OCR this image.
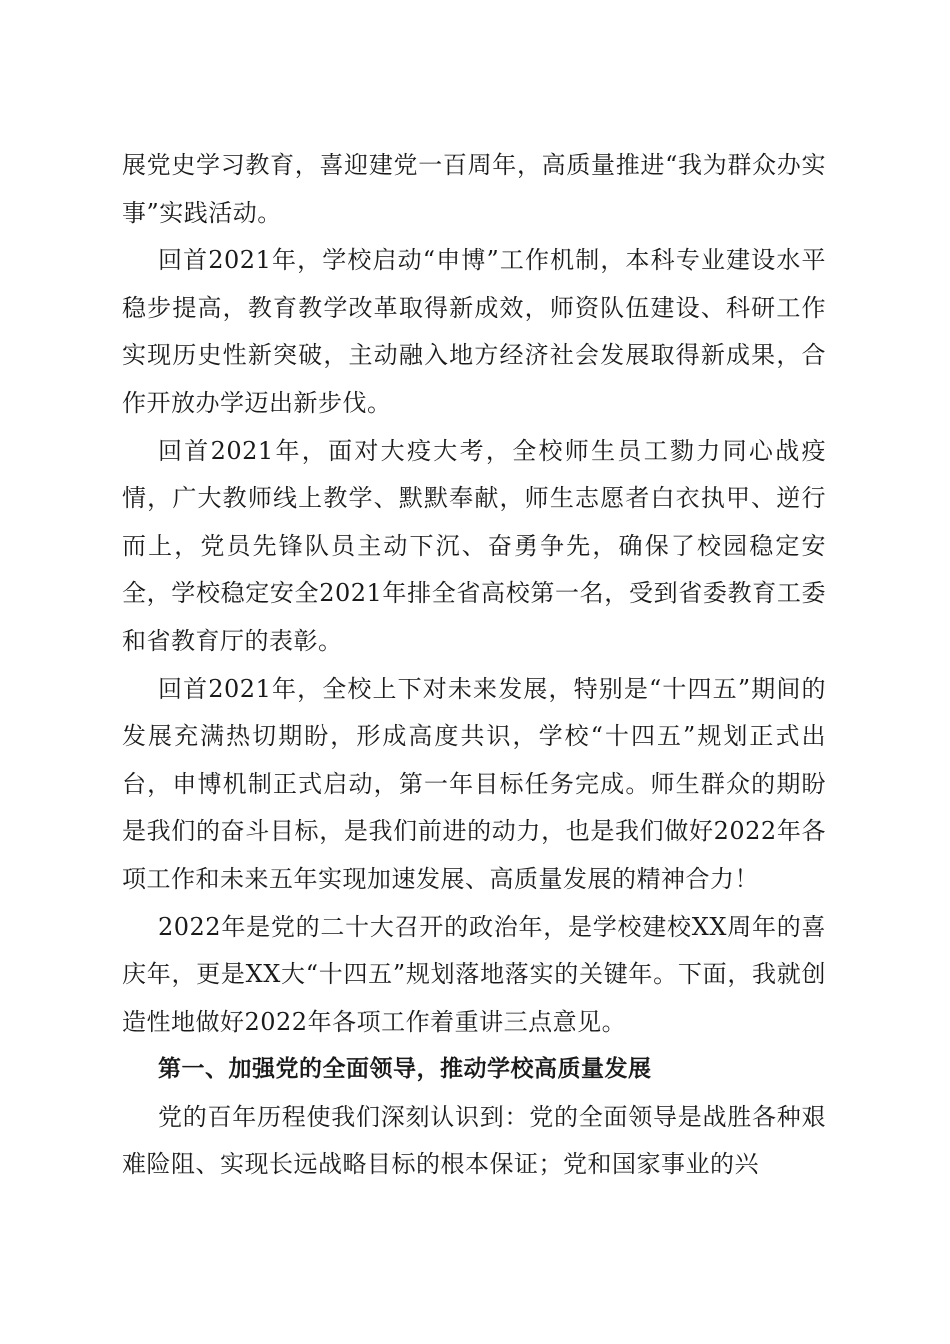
展党史学习教育，喜迎建党一百周年，高质量推进“我为群众办实事”实践活动。

回首2021年，学校启动“申博”工作机制，本科专业建设水平稳步提高，教育教学改革取得新成效，师资队伍建设、科研工作实现历史性新突破，主动融入地方经济社会发展取得新成果，合作开放办学迈出新步伐。

回首2021年，面对大疫大考，全校师生员工勠力同心战疫情，广大教师线上教学、默默奉献，师生志愿者白衣执甲、逆行而上，党员先锋队员主动下沉、奋勇争先，确保了校园稳定安全，学校稳定安全2021年排全省高校第一名，受到省委教育工委和省教育厅的表彰。

回首2021年，全校上下对未来发展，特别是“十四五”期间的发展充满热切期盼，形成高度共识，学校“十四五”规划正式出台，申博机制正式启动，第一年目标任务完成。师生群众的期盼是我们的奋斗目标，是我们前进的动力，也是我们做好2022年各项工作和未来五年实现加速发展、高质量发展的精神合力！

2022年是党的二十大召开的政治年，是学校建校XX周年的喜庆年，更是XX大“十四五”规划落地落实的关键年。下面，我就创造性地做好2022年各项工作着重讲三点意见。

第一、加强党的全面领导，推动学校高质量发展

党的百年历程使我们深刻认识到：党的全面领导是战胜各种艰难险阻、实现长远战略目标的根本保证；党和国家事业的兴
